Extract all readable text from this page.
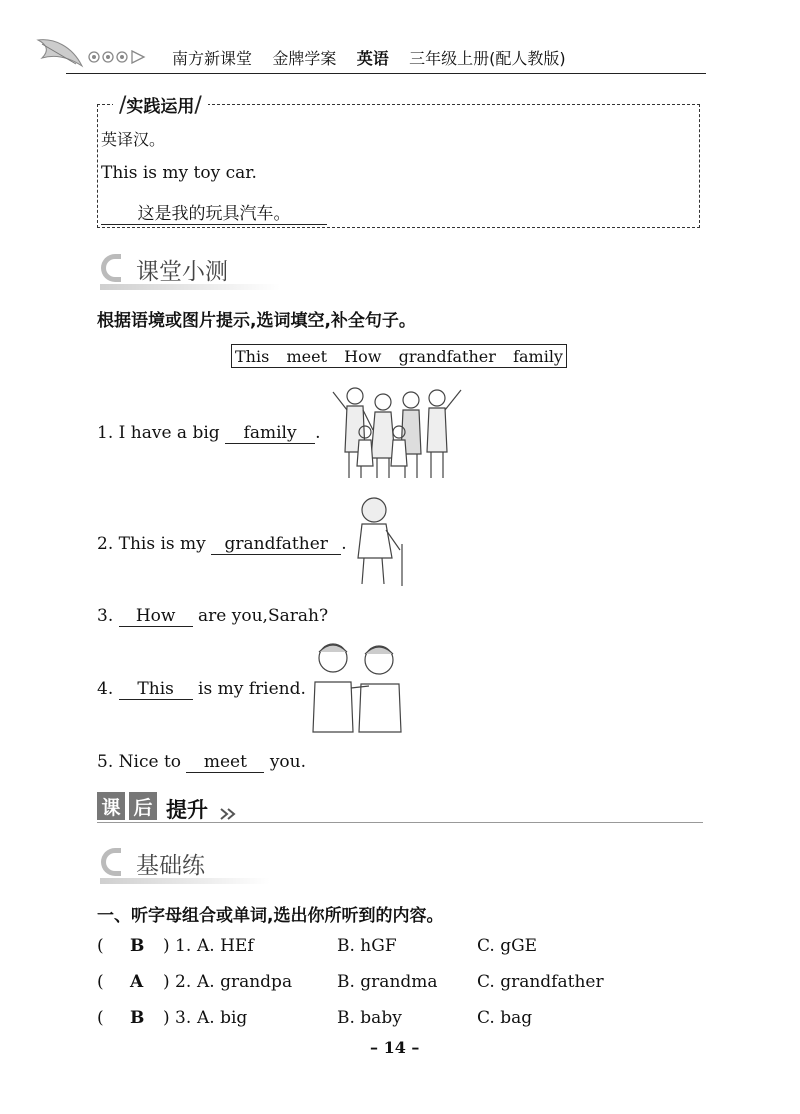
南方新课堂 金牌学案 英语 三年级上册(配人教版)
/实践运用/
英译汉。
This is my toy car.
这是我的玩具汽车。
课堂小测
根据语境或图片提示,选词填空,补全句子。
This meet How grandfather family
1. I have a big family .
2. This is my grandfather .
3. How are you,Sarah?
4. This is my friend.
5. Nice to meet you.
课 后 提升
基础练
一、听字母组合或单词,选出你所听到的内容。
( B ) 1. A. HEf	B. hGF	C. gGE
( A ) 2. A. grandpa	B. grandma C. grandfather
( B ) 3. A. big	B. baby	C. bag
– 14 –
